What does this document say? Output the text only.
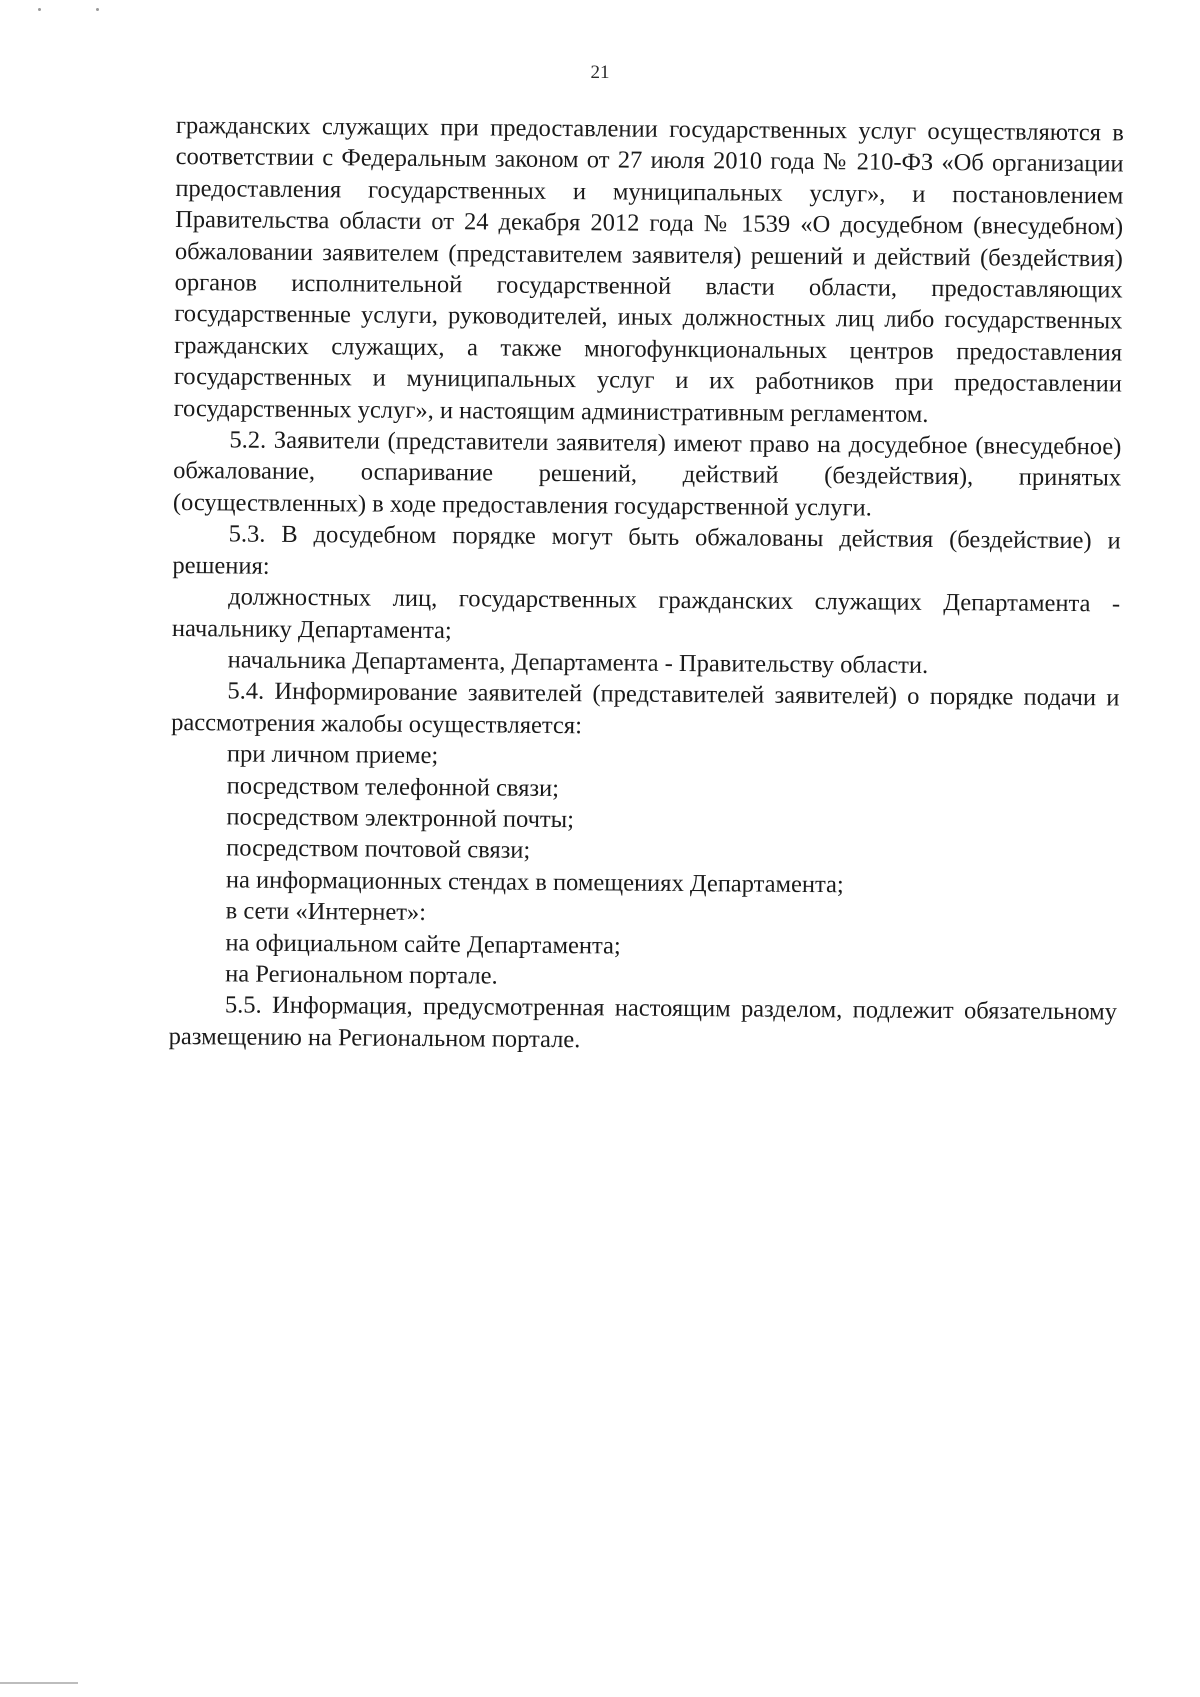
21

гражданских служащих при предоставлении государственных услуг осуществляются в соответствии с Федеральным законом от 27 июля 2010 года № 210-ФЗ «Об организации предоставления государственных и муниципальных услуг», и постановлением Правительства области от 24 декабря 2012 года № 1539 «О досудебном (внесудебном) обжаловании заявителем (представителем заявителя) решений и действий (бездействия) органов исполнительной государственной власти области, предоставляющих государственные услуги, руководителей, иных должностных лиц либо государственных гражданских служащих, а также многофункциональных центров предоставления государственных и муниципальных услуг и их работников при предоставлении государственных услуг», и настоящим административным регламентом.

5.2. Заявители (представители заявителя) имеют право на досудебное (внесудебное) обжалование, оспаривание решений, действий (бездействия), принятых (осуществленных) в ходе предоставления государственной услуги.

5.3. В досудебном порядке могут быть обжалованы действия (бездействие) и решения:

должностных лиц, государственных гражданских служащих Департамента - начальнику Департамента;

начальника Департамента, Департамента - Правительству области.

5.4. Информирование заявителей (представителей заявителей) о порядке подачи и рассмотрения жалобы осуществляется:

при личном приеме;

посредством телефонной связи;

посредством электронной почты;

посредством почтовой связи;

на информационных стендах в помещениях Департамента;

в сети «Интернет»:

на официальном сайте Департамента;

на Региональном портале.

5.5. Информация, предусмотренная настоящим разделом, подлежит обязательному размещению на Региональном портале.
